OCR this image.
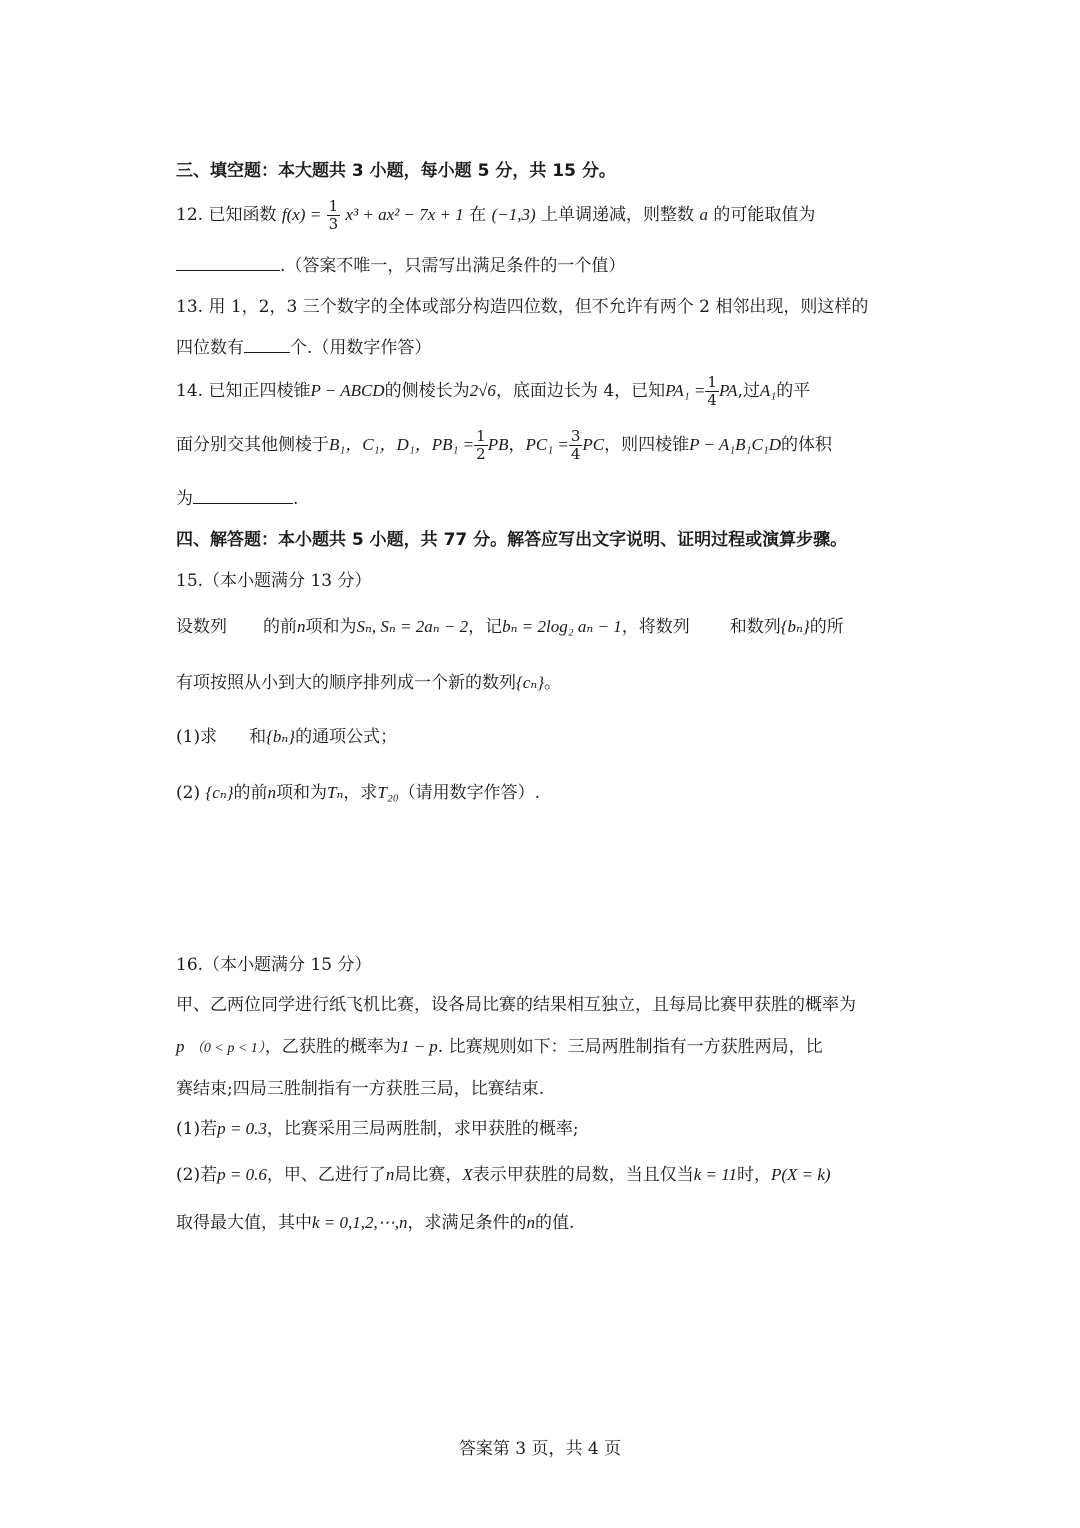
三、填空题：本大题共 3 小题，每小题 5 分，共 15 分。
12. 已知函数 $f(x) = \frac{1}{3} x^3 + ax^2 - 7x + 1$ 在 (−1,3) 上单调递减，则整数 a 的可能取值为
.（答案不唯一，只需写出满足条件的一个值）
13. 用 1，2，3 三个数字的全体或部分构造四位数，但不允许有两个 2 相邻出现，则这样的
四位数有	个.（用数字作答）
14. 已知正四棱锥P − ABCD的侧棱长为2√6，底面边长为 4，已知$PA_1 = \frac{1}{4}$ PA,过A₁的平
面分别交其他侧棱于B₁，C₁，D₁，$PB_1 = \frac{1}{2}$ PB，$PC_1 = \frac{3}{4}$ PC，则四棱锥P − A₁B₁C₁D的体积
为	.
四、解答题：本小题共 5 小题，共 77 分。解答应写出文字说明、证明过程或演算步骤。
15.（本小题满分 13 分）
设数列 的前n项和为Sₙ, Sₙ = 2aₙ − 2，记bₙ = 2log₂ aₙ − 1，将数列 和数列{bₙ}的所
有项按照从小到大的顺序排列成一个新的数列{cₙ}。
(1)求 和{bₙ}的通项公式；
(2) {cₙ}的前n项和为Tₙ，求T₂₀（请用数字作答）.
16.（本小题满分 15 分）
甲、乙两位同学进行纸飞机比赛，设各局比赛的结果相互独立，且每局比赛甲获胜的概率为
p （0 < p < 1），乙获胜的概率为1 − p. 比赛规则如下：三局两胜制指有一方获胜两局，比
赛结束;四局三胜制指有一方获胜三局，比赛结束.
(1)若p = 0.3，比赛采用三局两胜制，求甲获胜的概率;
(2)若p = 0.6，甲、乙进行了n局比赛，X表示甲获胜的局数，当且仅当k = 11时，P(X = k)
取得最大值，其中k = 0,1,2,⋯,n，求满足条件的n的值.
答案第 3 页，共 4 页
